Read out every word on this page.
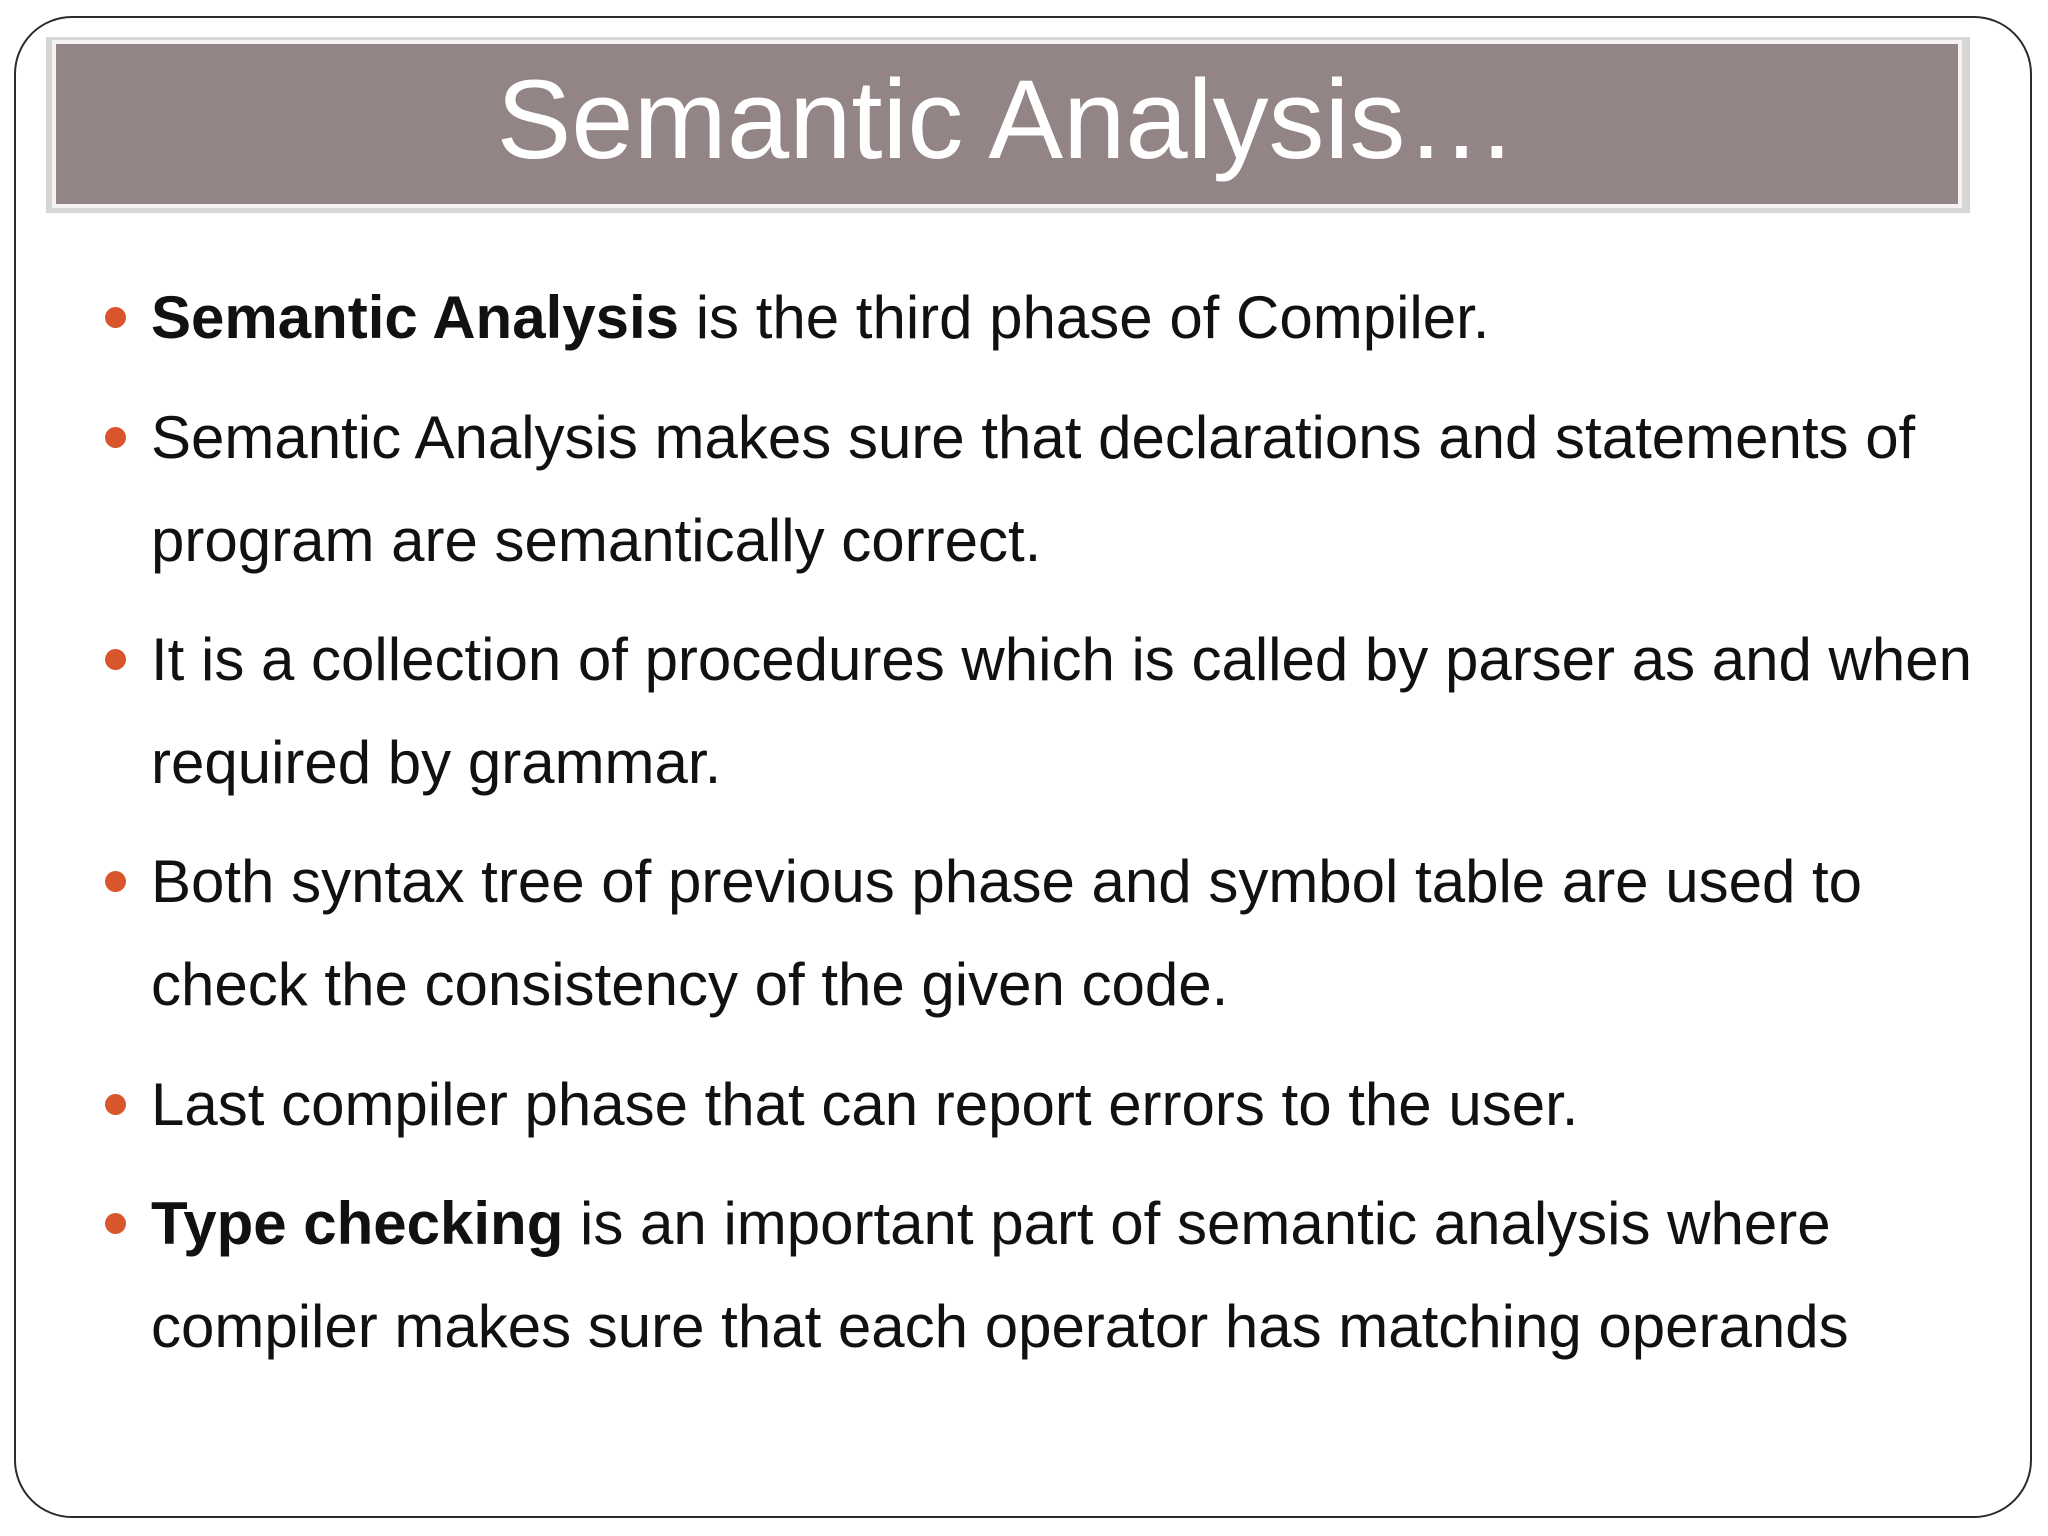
Semantic Analysis…
Semantic Analysis is the third phase of Compiler.
Semantic Analysis makes sure that declarations and statements of program are semantically correct.
It is a collection of procedures which is called by parser as and when required by grammar.
Both syntax tree of previous phase and symbol table are used to check the consistency of the given code.
Last compiler phase that can report errors to the user.
Type checking is an important part of semantic analysis where compiler makes sure that each operator has matching operands
